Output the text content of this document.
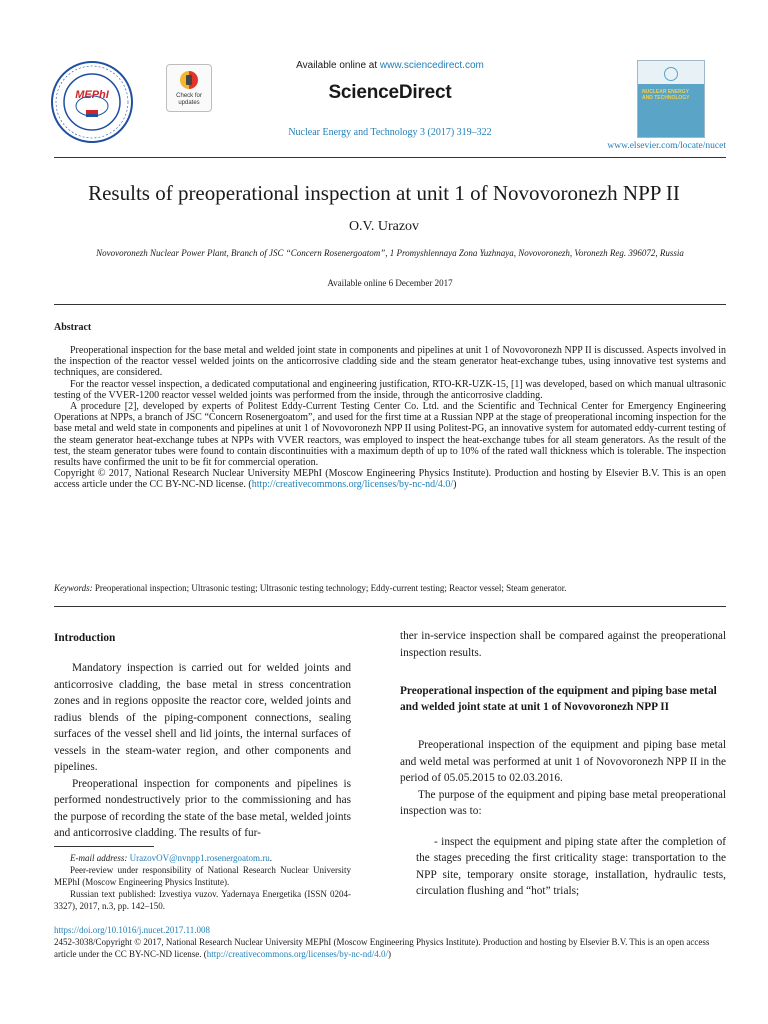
MEPhI	Check for
updates
Available online at www.sciencedirect.com
ScienceDirect
Nuclear Energy and Technology 3 (2017) 319–322
NUCLEAR ENERGY AND TECHNOLOGY
www.elsevier.com/locate/nucet
Results of preoperational inspection at unit 1 of Novovoronezh NPP II
O.V. Urazov
Novovoronezh Nuclear Power Plant, Branch of JSC “Concern Rosenergoatom”, 1 Promyshlennaya Zona Yuzhnaya, Novovoronezh, Voronezh Reg. 396072, Russia
Available online 6 December 2017
Abstract

Preoperational inspection for the base metal and welded joint state in components and pipelines at unit 1 of Novovoronezh NPP II is discussed. Aspects involved in the inspection of the reactor vessel welded joints on the anticorrosive cladding side and the steam generator heat-exchange tubes, using innovative test systems and techniques, are considered.

For the reactor vessel inspection, a dedicated computational and engineering justification, RTO-KR-UZK-15, [1] was developed, based on which manual ultrasonic testing of the VVER-1200 reactor vessel welded joints was performed from the inside, through the anticorrosive cladding.

A procedure [2], developed by experts of Politest Eddy-Current Testing Center Co. Ltd. and the Scientific and Technical Center for Emergency Engineering Operations at NPPs, a branch of JSC “Concern Rosenergoatom”, and used for the first time at a Russian NPP at the stage of preoperational incoming inspection for the base metal and weld state in components and pipelines at unit 1 of Novovoronezh NPP II using Politest-PG, an innovative system for automated eddy-current testing of the steam generator heat-exchange tubes at NPPs with VVER reactors, was employed to inspect the heat-exchange tubes for all steam generators. As the result of the test, the steam generator tubes were found to contain discontinuities with a maximum depth of up to 10% of the rated wall thickness which is tolerable. The inspection results have confirmed the unit to be fit for commercial operation.

Copyright © 2017, National Research Nuclear University MEPhI (Moscow Engineering Physics Institute). Production and hosting by Elsevier B.V. This is an open access article under the CC BY-NC-ND license. (http://creativecommons.org/licenses/by-nc-nd/4.0/)

Keywords: Preoperational inspection; Ultrasonic testing; Ultrasonic testing technology; Eddy-current testing; Reactor vessel; Steam generator.
Introduction

Mandatory inspection is carried out for welded joints and anticorrosive cladding, the base metal in stress concentration zones and in regions opposite the reactor core, welded joints and radius blends of the piping-component connections, sealing surfaces of the vessel shell and lid joints, the internal surfaces of vessels in the steam-water region, and other components and pipelines.

Preoperational inspection for components and pipelines is performed nondestructively prior to the commissioning and has the purpose of recording the state of the base metal, welded joints and anticorrosive cladding. The results of fur-

ther in-service inspection shall be compared against the preoperational inspection results.

Preoperational inspection of the equipment and piping base metal and welded joint state at unit 1 of Novovoronezh NPP II

Preoperational inspection of the equipment and piping base metal and weld metal was performed at unit 1 of Novovoronezh NPP II in the period of 05.05.2015 to 02.03.2016.

The purpose of the equipment and piping base metal preoperational inspection was to:

- inspect the equipment and piping state after the completion of the stages preceding the first criticality stage: transportation to the NPP site, temporary onsite storage, installation, hydraulic tests, circulation flushing and “hot” trials;

E-mail address: UrazovOV@nvnpp1.rosenergoatom.ru.

Peer-review under responsibility of National Research Nuclear University MEPhI (Moscow Engineering Physics Institute).

Russian text published: Izvestiya vuzov. Yadernaya Energetika (ISSN 0204-3327), 2017, n.3, pp. 142–150.

https://doi.org/10.1016/j.nucet.2017.11.008

2452-3038/Copyright © 2017, National Research Nuclear University MEPhI (Moscow Engineering Physics Institute). Production and hosting by Elsevier B.V. This is an open access article under the CC BY-NC-ND license. (http://creativecommons.org/licenses/by-nc-nd/4.0/)
